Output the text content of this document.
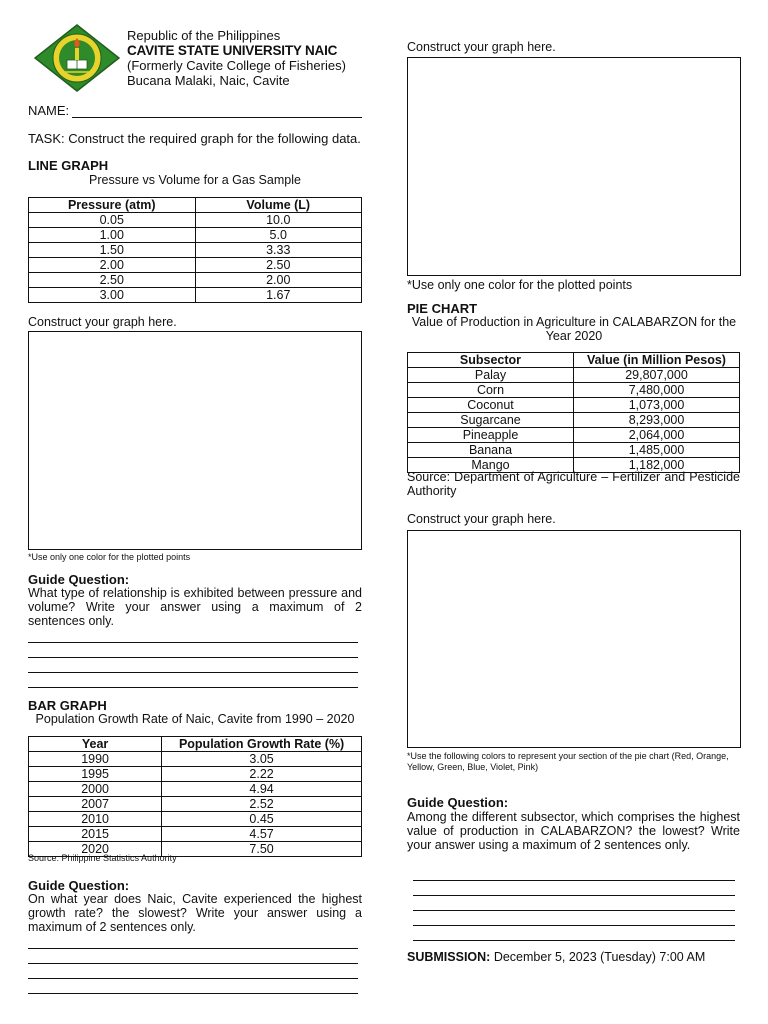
Republic of the Philippines
CAVITE STATE UNIVERSITY NAIC
(Formerly Cavite College of Fisheries)
Bucana Malaki, Naic, Cavite
NAME:
TASK: Construct the required graph for the following data.
LINE GRAPH
Pressure vs Volume for a Gas Sample
Pressure (atm)	Volume (L)
0.05	10.0
1.00	5.0
1.50	3.33
2.00	2.50
2.50	2.00
3.00	1.67
Construct your graph here.
*Use only one color for the plotted points
Guide Question:
What type of relationship is exhibited between pressure and volume? Write your answer using a maximum of 2 sentences only.
BAR GRAPH
Population Growth Rate of Naic, Cavite from 1990 – 2020
Year	Population Growth Rate (%)
1990	3.05
1995	2.22
2000	4.94
2007	2.52
2010	0.45
2015	4.57
2020	7.50
Source: Philippine Statistics Authority
Guide Question:
On what year does Naic, Cavite experienced the highest growth rate? the slowest? Write your answer using a maximum of 2 sentences only.
Construct your graph here.
*Use only one color for the plotted points
PIE CHART
Value of Production in Agriculture in CALABARZON for the Year 2020
Subsector	Value (in Million Pesos)
Palay	29,807,000
Corn	7,480,000
Coconut	1,073,000
Sugarcane	8,293,000
Pineapple	2,064,000
Banana	1,485,000
Mango	1,182,000
Source: Department of Agriculture – Fertilizer and Pesticide Authority
Construct your graph here.
*Use the following colors to represent your section of the pie chart (Red, Orange, Yellow, Green, Blue, Violet, Pink)
Guide Question:
Among the different subsector, which comprises the highest value of production in CALABARZON? the lowest? Write your answer using a maximum of 2 sentences only.
SUBMISSION: December 5, 2023 (Tuesday) 7:00 AM
